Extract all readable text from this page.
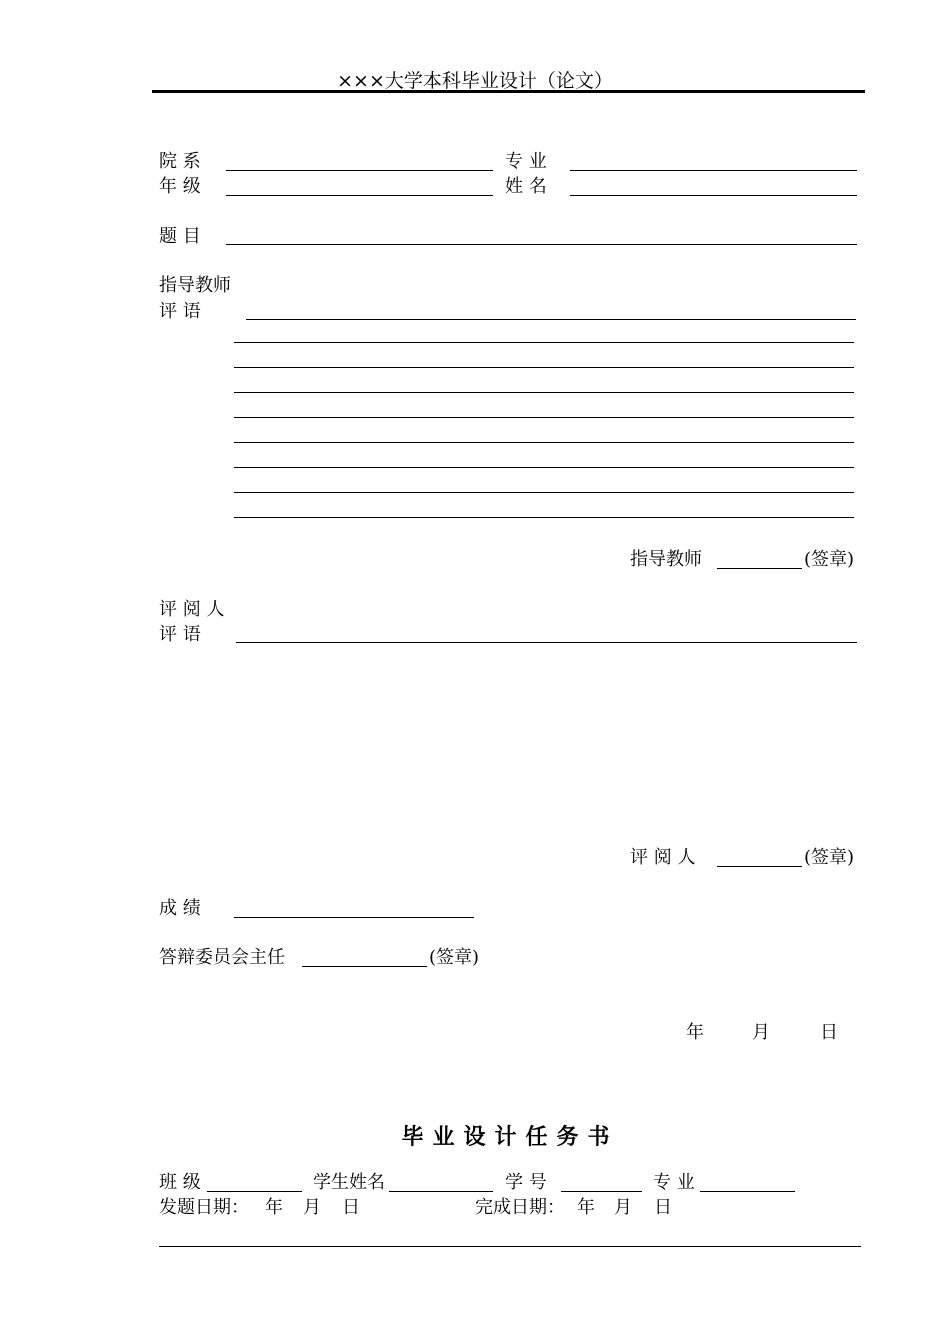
×××大学本科毕业设计（论文）
院 系	专 业
年 级	姓 名
题 目
指导教师
评 语
指导教师	(签章)
评 阅 人
评 语
评 阅 人	(签章)
成 绩
答辩委员会主任	(签章)
年	月	日
毕业设计任务书
班 级	学生姓名	学 号	专 业
发题日期： 年 月 日	完成日期： 年 月 日
